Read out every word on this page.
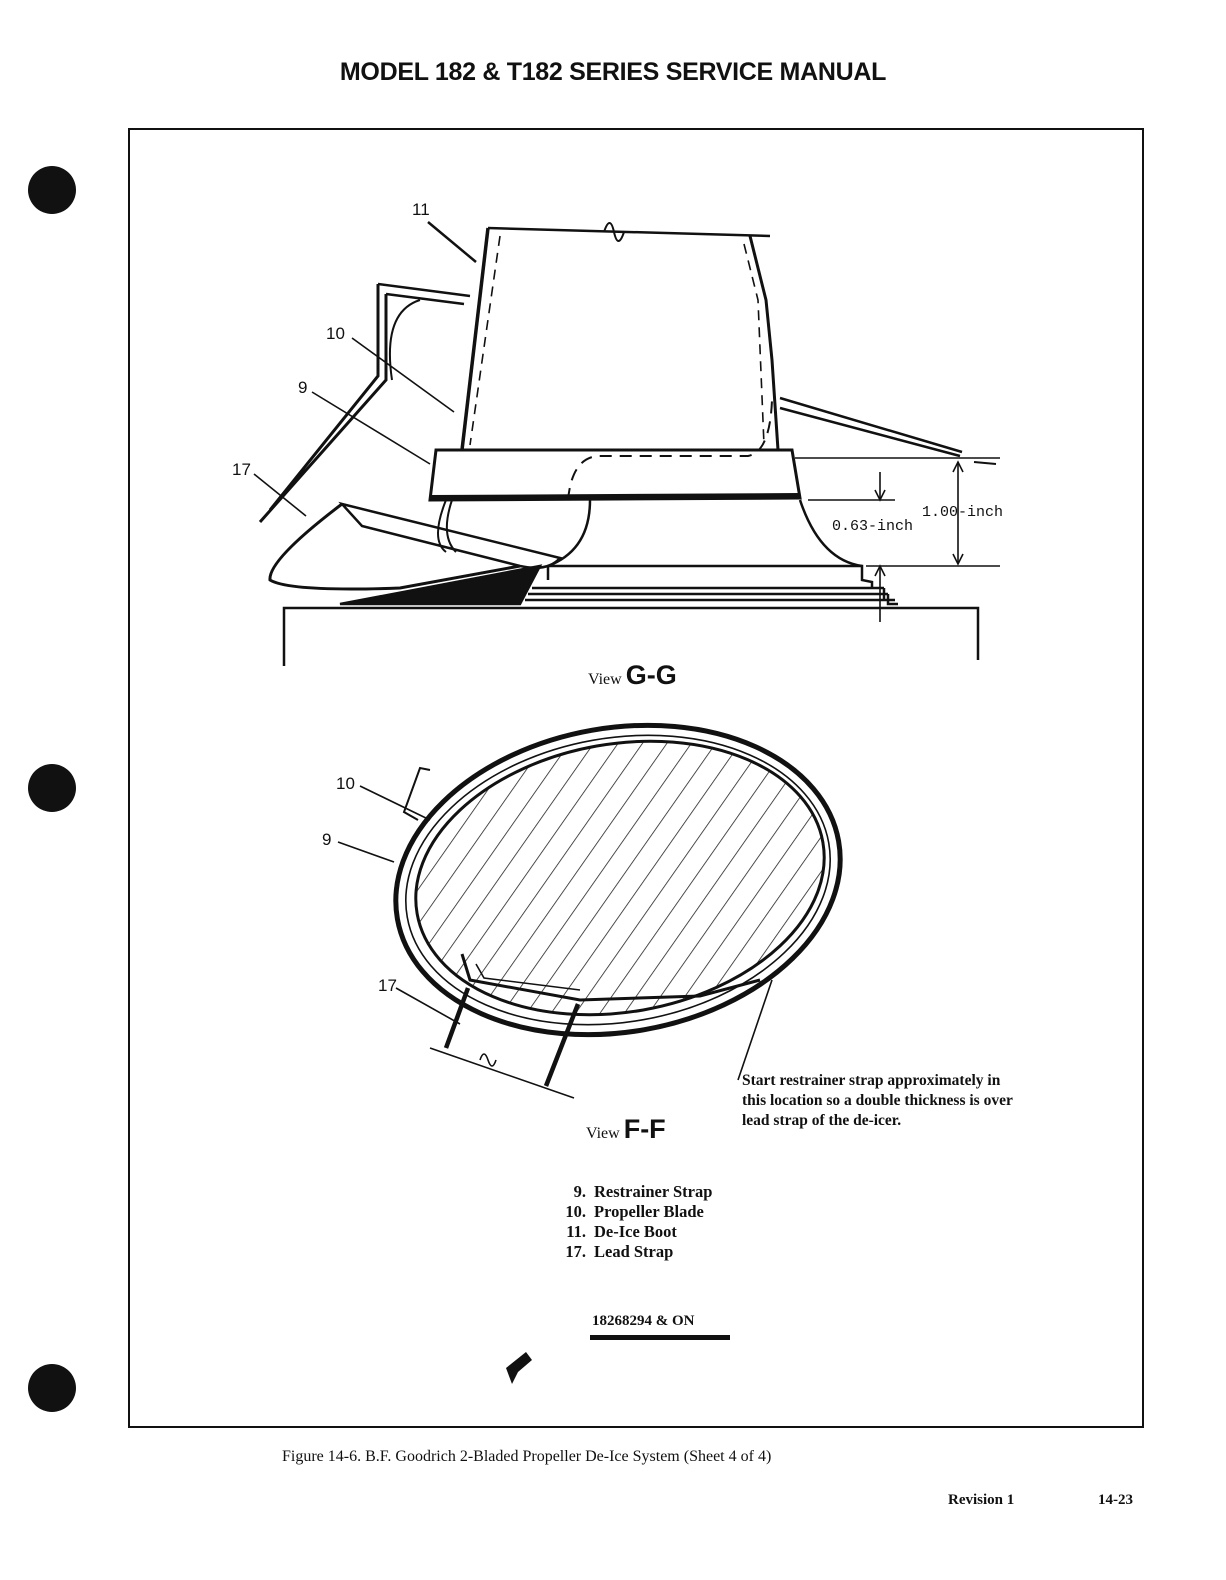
MODEL 182 & T182 SERIES SERVICE MANUAL
11
10
9
17
0.63-inch
1.00-inch
View G-G
10
9
17
Start restrainer strap approximately in
this location so a double thickness is over
lead strap of the de-icer.
View F-F
9. Restrainer Strap
10. Propeller Blade
11. De-Ice Boot
17. Lead Strap
18268294 & ON
Figure 14-6. B.F. Goodrich 2-Bladed Propeller De-Ice System (Sheet 4 of 4)
Revision 1	14-23
